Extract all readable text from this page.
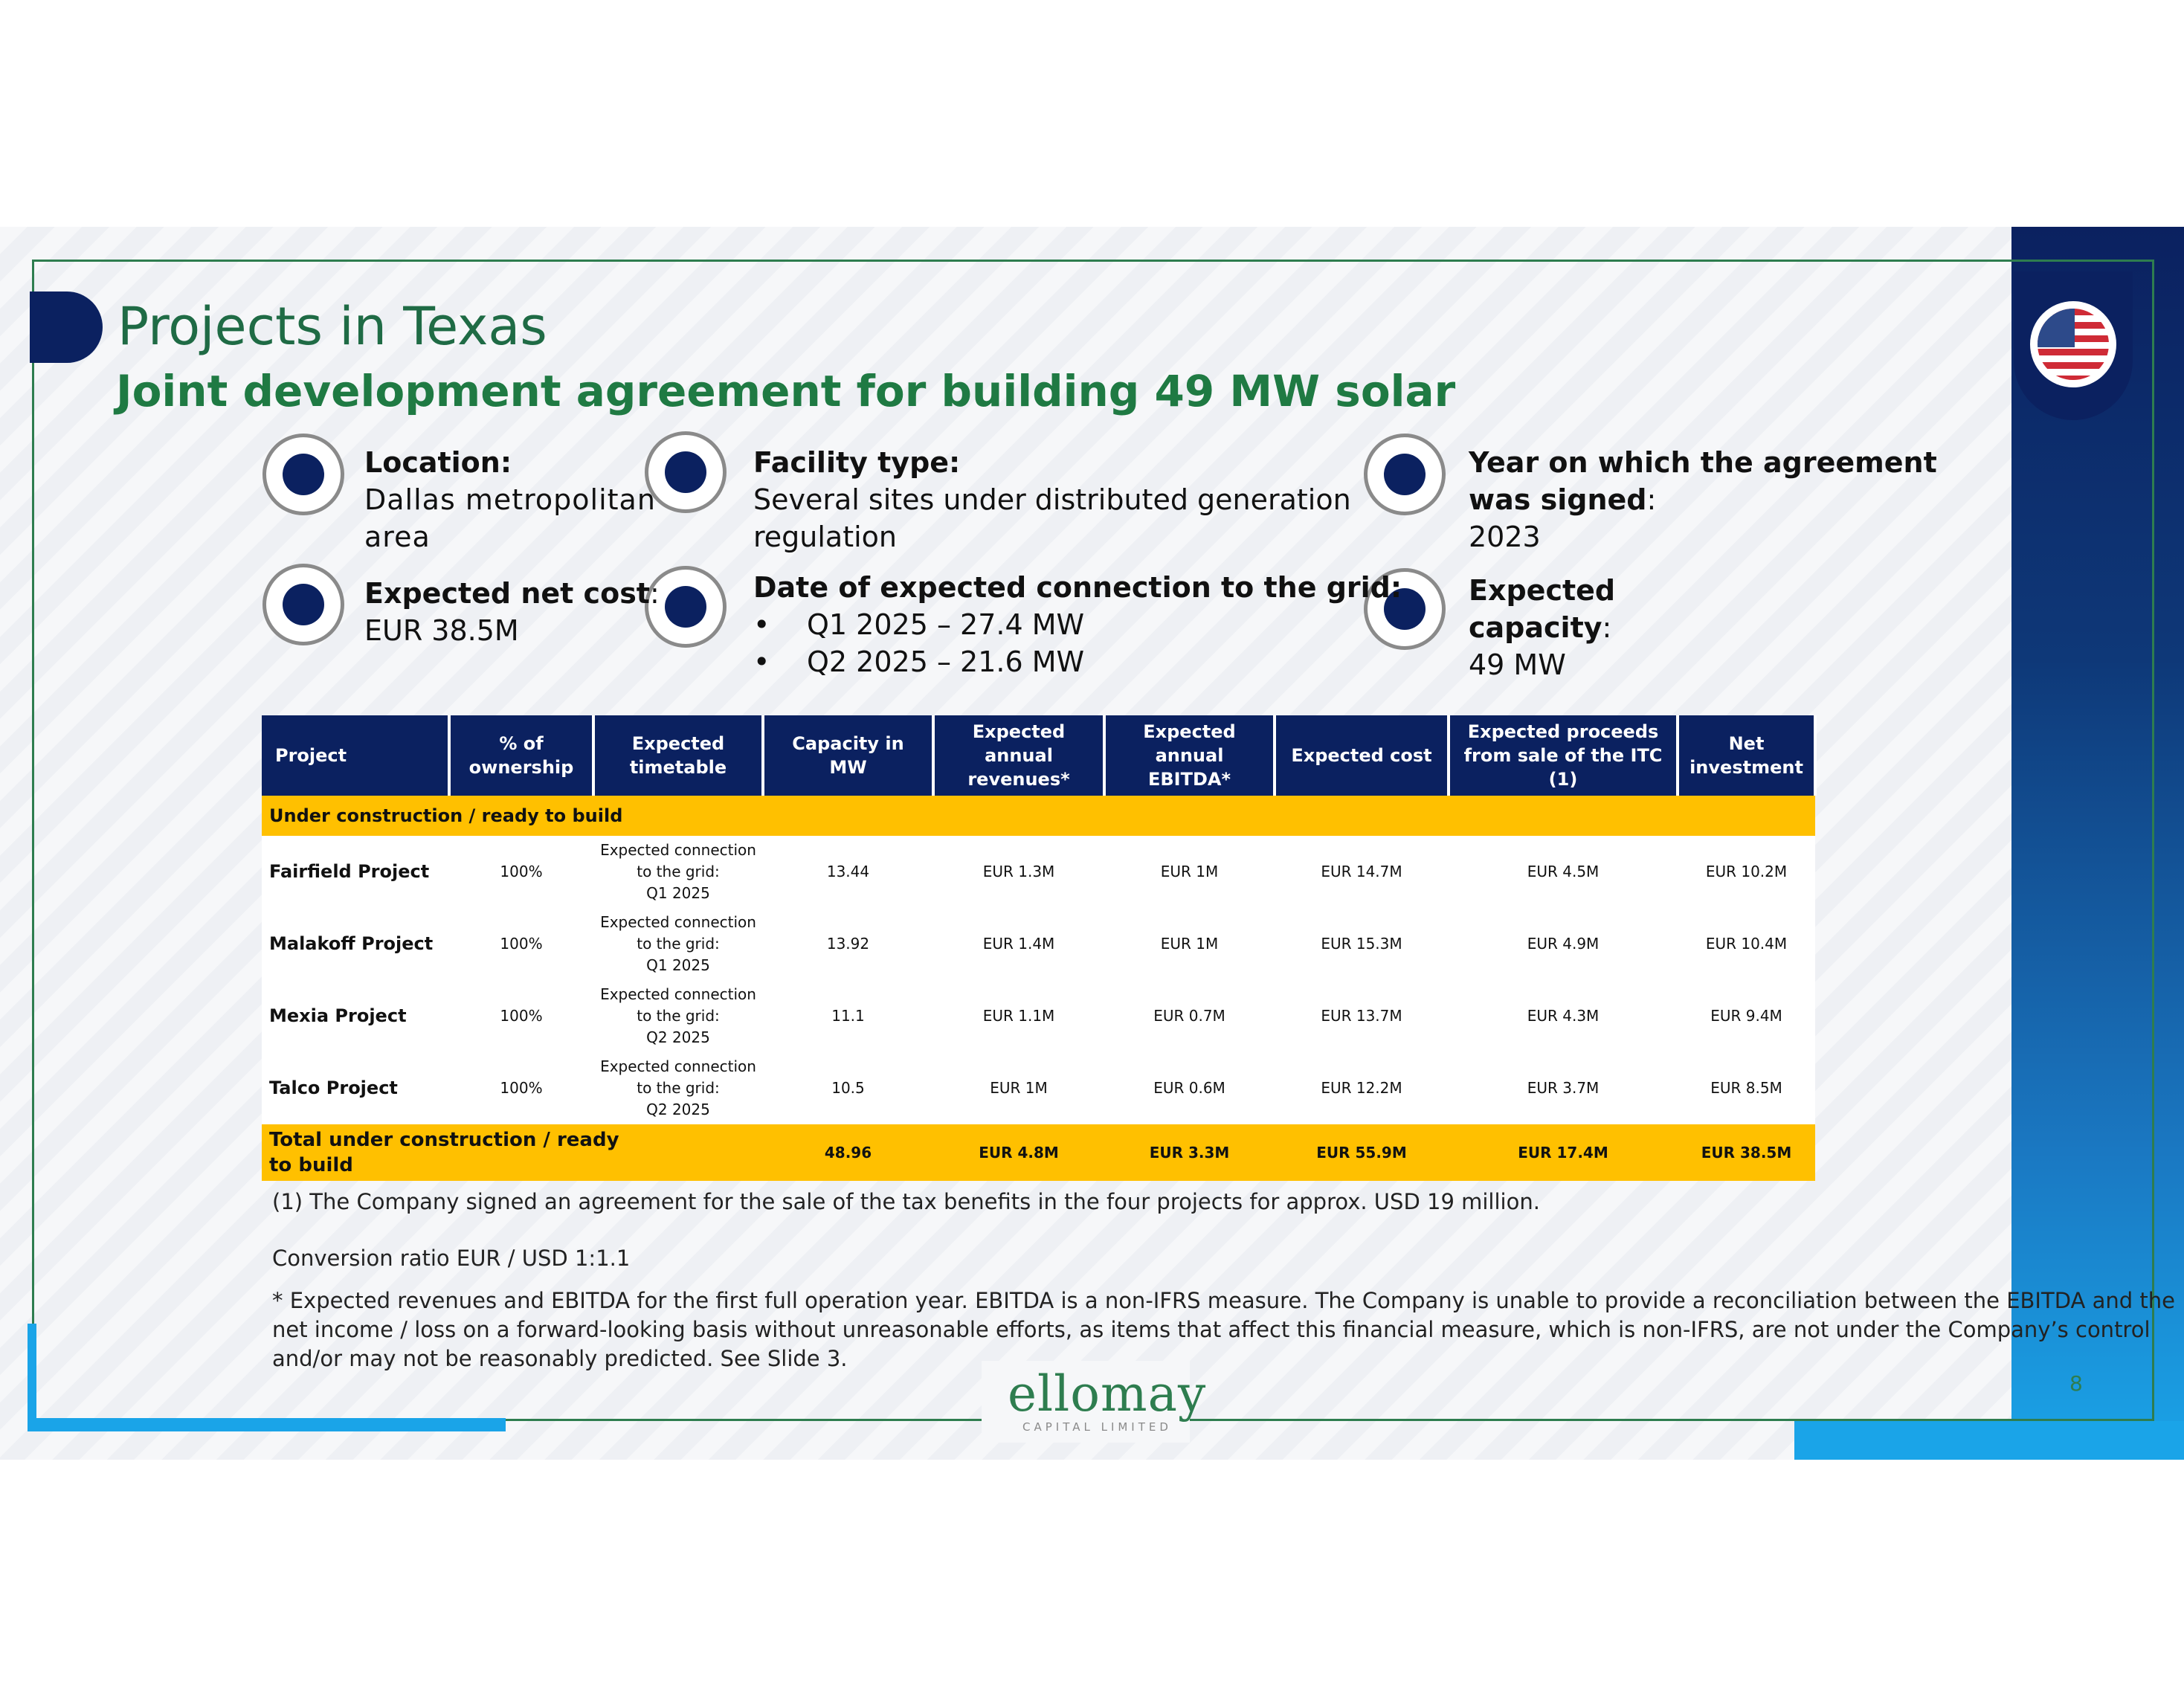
Projects in Texas
Joint development agreement for building 49 MW solar
Location:
Dallas metropolitan
area
Expected net cost:
EUR 38.5M
Facility type:
Several sites under distributed generation
regulation
Date of expected connection to the grid:
• Q1 2025 – 27.4 MW
• Q2 2025 – 21.6 MW
Year on which the agreement
was signed:
2023
Expected
capacity:
49 MW
Project	% of ownership	Expected timetable	Capacity in MW	Expected annual revenues*	Expected annual EBITDA*	Expected cost	Expected proceeds from sale of the ITC (1)	Net investment
Under construction / ready to build								
Fairfield Project	100%	Expected connection
to the grid:
Q1 2025	13.44	EUR 1.3M	EUR 1M	EUR 14.7M	EUR 4.5M	EUR 10.2M
Malakoff Project	100%	Expected connection
to the grid:
Q1 2025	13.92	EUR 1.4M	EUR 1M	EUR 15.3M	EUR 4.9M	EUR 10.4M
Mexia Project	100%	Expected connection
to the grid:
Q2 2025	11.1	EUR 1.1M	EUR 0.7M	EUR 13.7M	EUR 4.3M	EUR 9.4M
Talco Project	100%	Expected connection
to the grid:
Q2 2025	10.5	EUR 1M	EUR 0.6M	EUR 12.2M	EUR 3.7M	EUR 8.5M
Total under construction / ready
to build			48.96	EUR 4.8M	EUR 3.3M	EUR 55.9M	EUR 17.4M	EUR 38.5M
(1) The Company signed an agreement for the sale of the tax benefits in the four projects for approx. USD 19 million.
Conversion ratio EUR / USD 1:1.1
* Expected revenues and EBITDA for the first full operation year. EBITDA is a non-IFRS measure. The Company is unable to provide a reconciliation between the EBITDA and the
net income / loss on a forward-looking basis without unreasonable efforts, as items that affect this financial measure, which is non-IFRS, are not under the Company’s control
and/or may not be reasonably predicted. See Slide 3.
ellomay
CAPITAL LIMITED
8
